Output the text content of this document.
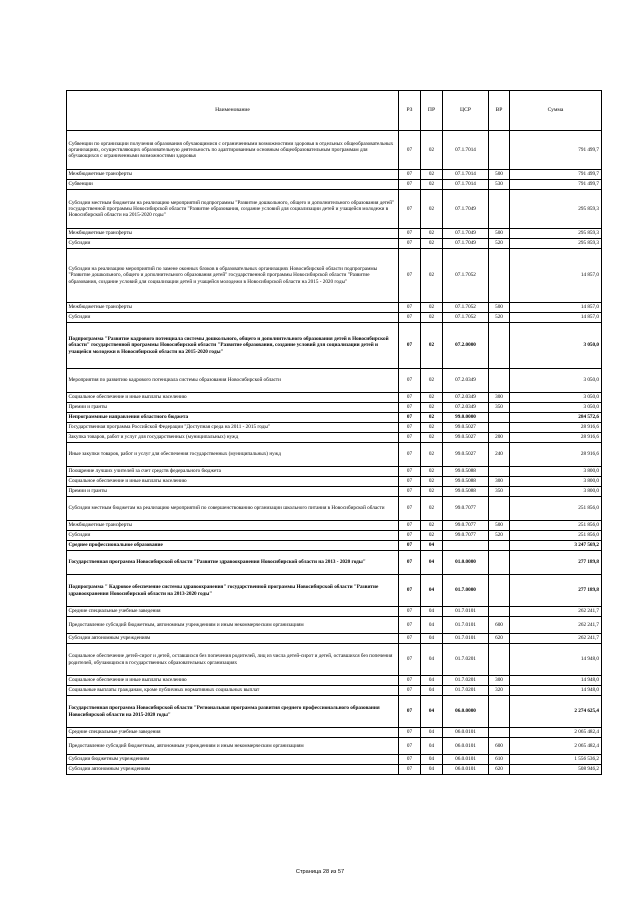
Наименование	РЗ	ПР	ЦСР	ВР	Сумма
Субвенции по организации получения образования обучающимися с ограниченными возможностями здоровья в отдельных общеобразовательных организациях, осуществляющих образовательную деятельность по адаптированным основным общеобразовательным программам для обучающихся с ограниченными возможностями здоровья	07	02	07.1.7014		791 499,7
Межбюджетные трансферты	07	02	07.1.7014	500	791 499,7
Субвенции	07	02	07.1.7014	530	791 499,7
Субсидии местным бюджетам на реализацию мероприятий подпрограммы "Развитие дошкольного, общего и дополнительного образования детей" государственной программы Новосибирской области "Развитие образования, создание условий для социализации детей и учащейся молодежи в Новосибирской области на 2015-2020 годы"	07	02	07.1.7049		295 859,3
Межбюджетные трансферты	07	02	07.1.7049	500	295 859,3
Субсидии	07	02	07.1.7049	520	295 859,3
Субсидии на реализацию мероприятий по замене оконных блоков в образовательных организациях Новосибирской области подпрограммы "Развитие дошкольного, общего и дополнительного образования детей" государственной программы Новосибирской области "Развитие образования, создание условий для социализации детей и учащейся молодежи в Новосибирской области на 2015 - 2020 годы"	07	02	07.1.7052		14 857,0
Межбюджетные трансферты	07	02	07.1.7052	500	14 857,0
Субсидии	07	02	07.1.7052	520	14 857,0
Подпрограмма "Развитие кадрового потенциала системы дошкольного, общего и дополнительного образования детей в Новосибирской области" государственной программы Новосибирской области "Развитие образования, создание условий для социализации детей и учащейся молодежи в Новосибирской области на 2015-2020 годы"	07	02	07.2.0000		3 050,0
Мероприятия по развитию кадрового потенциала системы образования Новосибирской области	07	02	07.2.0349		3 050,0
Социальное обеспечение и иные выплаты населению	07	02	07.2.0349	300	3 050,0
Премии и гранты	07	02	07.2.0349	350	3 050,0
Непрограммные направления областного бюджета	07	02	99.0.0000		284 572,6
Государственная программа Российской Федерации "Доступная среда на 2011 - 2015 годы"	07	02	99.0.5027		28 916,6
Закупка товаров, работ и услуг для государственных (муниципальных) нужд	07	02	99.0.5027	200	28 916,6
Иные закупки товаров, работ и услуг для обеспечения государственных (муниципальных) нужд	07	02	99.0.5027	240	28 916,6
Поощрение лучших учителей за счет средств федерального бюджета	07	02	99.0.5088		3 800,0
Социальное обеспечение и иные выплаты населению	07	02	99.0.5088	300	3 800,0
Премии и гранты	07	02	99.0.5088	350	3 800,0
Субсидии местным бюджетам на реализацию мероприятий по совершенствованию организации школьного питания в Новосибирской области	07	02	99.0.7077		251 856,0
Межбюджетные трансферты	07	02	99.0.7077	500	251 856,0
Субсидии	07	02	99.0.7077	520	251 856,0
Среднее профессиональное образование	07	04			3 247 569,2
Государственная программа Новосибирской области "Развитие здравоохранения Новосибирской области на 2013 - 2020 годы"	07	04	01.0.0000		277 189,8
Подпрограмма " Кадровое обеспечение системы здравоохранения" государственной программы Новосибирской области "Развитие здравоохранения Новосибирской области на 2013-2020 годы"	07	04	01.7.0000		277 189,8
Средние специальные учебные заведения	07	04	01.7.0101		262 241,7
Предоставление субсидий бюджетным, автономным учреждениям и иным некоммерческим организациям	07	04	01.7.0101	600	262 241,7
Субсидии автономным учреждениям	07	04	01.7.0101	620	262 241,7
Социальное обеспечение детей-сирот и детей, оставшихся без попечения родителей, лиц из числа детей-сирот и детей, оставшихся без попечения родителей, обучающихся в государственных образовательных организациях	07	04	01.7.0201		14 948,0
Социальное обеспечение и иные выплаты населению	07	04	01.7.0201	300	14 948,0
Социальные выплаты гражданам, кроме публичных нормативных социальных выплат	07	04	01.7.0201	320	14 948,0
Государственная программа Новосибирской области "Региональная программа развития среднего профессионального образования Новосибирской области на 2015-2020 годы"	07	04	06.0.0000		2 274 625,4
Средние специальные учебные заведения	07	04	06.0.0101		2 065 482,4
Предоставление субсидий бюджетным, автономным учреждениям и иным некоммерческим организациям	07	04	06.0.0101	600	2 065 482,4
Субсидии бюджетным учреждениям	07	04	06.0.0101	610	1 556 536,2
Субсидии автономным учреждениям	07	04	06.0.0101	620	508 946,2
Страница 28 из 57
